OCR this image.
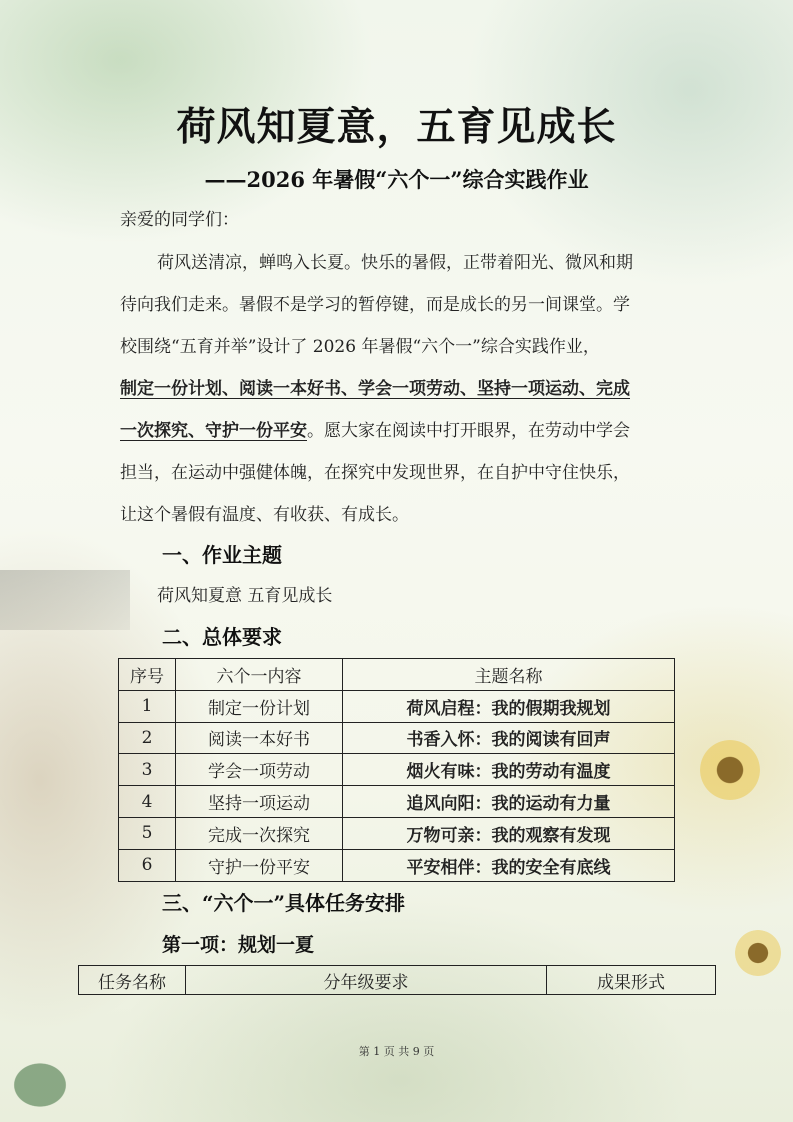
荷风知夏意，五育见成长
——2026 年暑假“六个一”综合实践作业
亲爱的同学们：
荷风送清凉，蝉鸣入长夏。快乐的暑假，正带着阳光、微风和期
待向我们走来。暑假不是学习的暂停键，而是成长的另一间课堂。学
校围绕“五育并举”设计了 2026 年暑假“六个一”综合实践作业，
制定一份计划、阅读一本好书、学会一项劳动、坚持一项运动、完成
一次探究、守护一份平安。愿大家在阅读中打开眼界，在劳动中学会
担当，在运动中强健体魄，在探究中发现世界，在自护中守住快乐，
让这个暑假有温度、有收获、有成长。
一、作业主题
荷风知夏意 五育见成长
二、总体要求
序号	六个一内容	主题名称
1	制定一份计划	荷风启程：我的假期我规划
2	阅读一本好书	书香入怀：我的阅读有回声
3	学会一项劳动	烟火有味：我的劳动有温度
4	坚持一项运动	追风向阳：我的运动有力量
5	完成一次探究	万物可亲：我的观察有发现
6	守护一份平安	平安相伴：我的安全有底线
三、“六个一”具体任务安排
第一项：规划一夏
任务名称	分年级要求	成果形式
第 1 页 共 9 页
